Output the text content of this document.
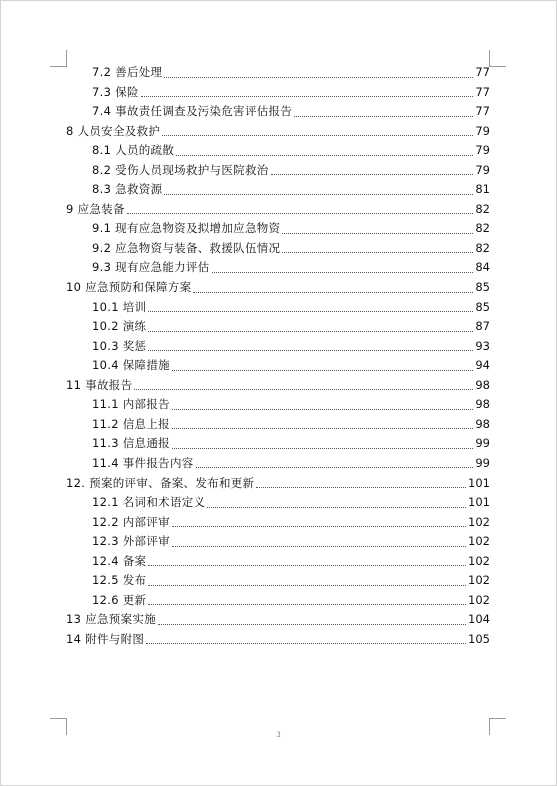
7.2 善后处理	77
7.3 保险	77
7.4 事故责任调查及污染危害评估报告	77
8 人员安全及救护	79
8.1 人员的疏散	79
8.2 受伤人员现场救护与医院救治	79
8.3 急救资源	81
9 应急装备	82
9.1 现有应急物资及拟增加应急物资	82
9.2 应急物资与装备、救援队伍情况	82
9.3 现有应急能力评估	84
10 应急预防和保障方案	85
10.1 培训	85
10.2 演练	87
10.3 奖惩	93
10.4 保障措施	94
11 事故报告	98
11.1 内部报告	98
11.2 信息上报	98
11.3 信息通报	99
11.4 事件报告内容	99
12. 预案的评审、备案、发布和更新	101
12.1 名词和术语定义	101
12.2 内部评审	102
12.3 外部评审	102
12.4 备案	102
12.5 发布	102
12.6 更新	102
13 应急预案实施	104
14 附件与附图	105
3
